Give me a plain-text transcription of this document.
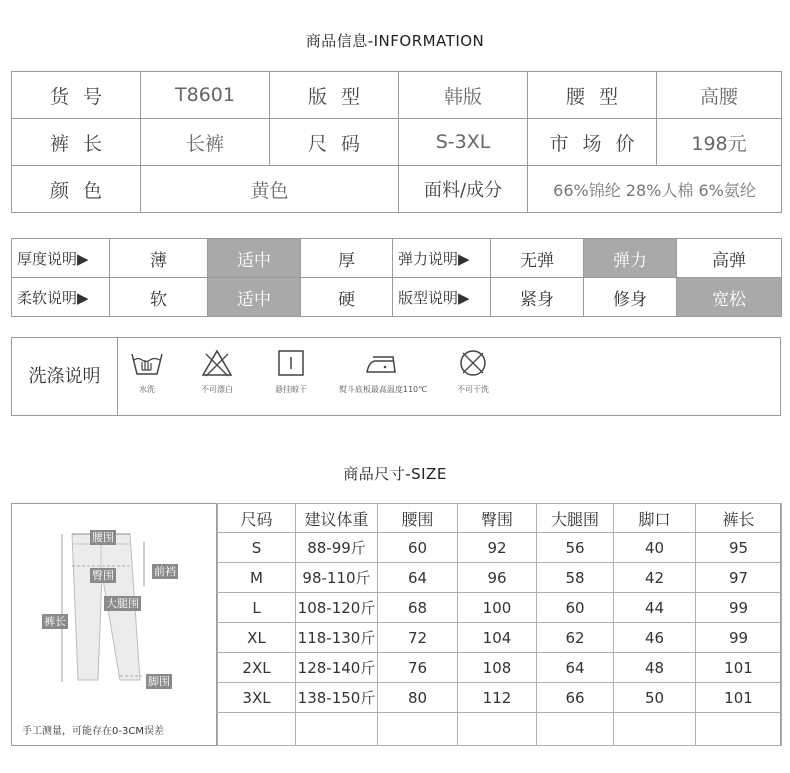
商品信息-INFORMATION
货号	T8601	版型	韩版	腰型	高腰
裤长	长裤	尺码	S-3XL	市场价	198元
颜色	黄色		面料/成分	66%锦纶 28%人棉 6%氨纶	
厚度说明▶	薄	适中	厚	弹力说明▶	无弹	弹力	高弹
柔软说明▶	软	适中	硬	版型说明▶	紧身	修身	宽松
洗涤说明
水洗	不可漂白	悬挂晾干	熨斗底板最高温度110℃	不可干洗
商品尺寸-SIZE
腰围
臀围	前裆
大腿围
裤长
脚围
手工测量，可能存在0-3CM误差
尺码	建议体重	腰围	臀围	大腿围	脚口	裤长
S	88-99斤	60	92	56	40	95
M	98-110斤	64	96	58	42	97
L	108-120斤	68	100	60	44	99
XL	118-130斤	72	104	62	46	99
2XL	128-140斤	76	108	64	48	101
3XL	138-150斤	80	112	66	50	101
